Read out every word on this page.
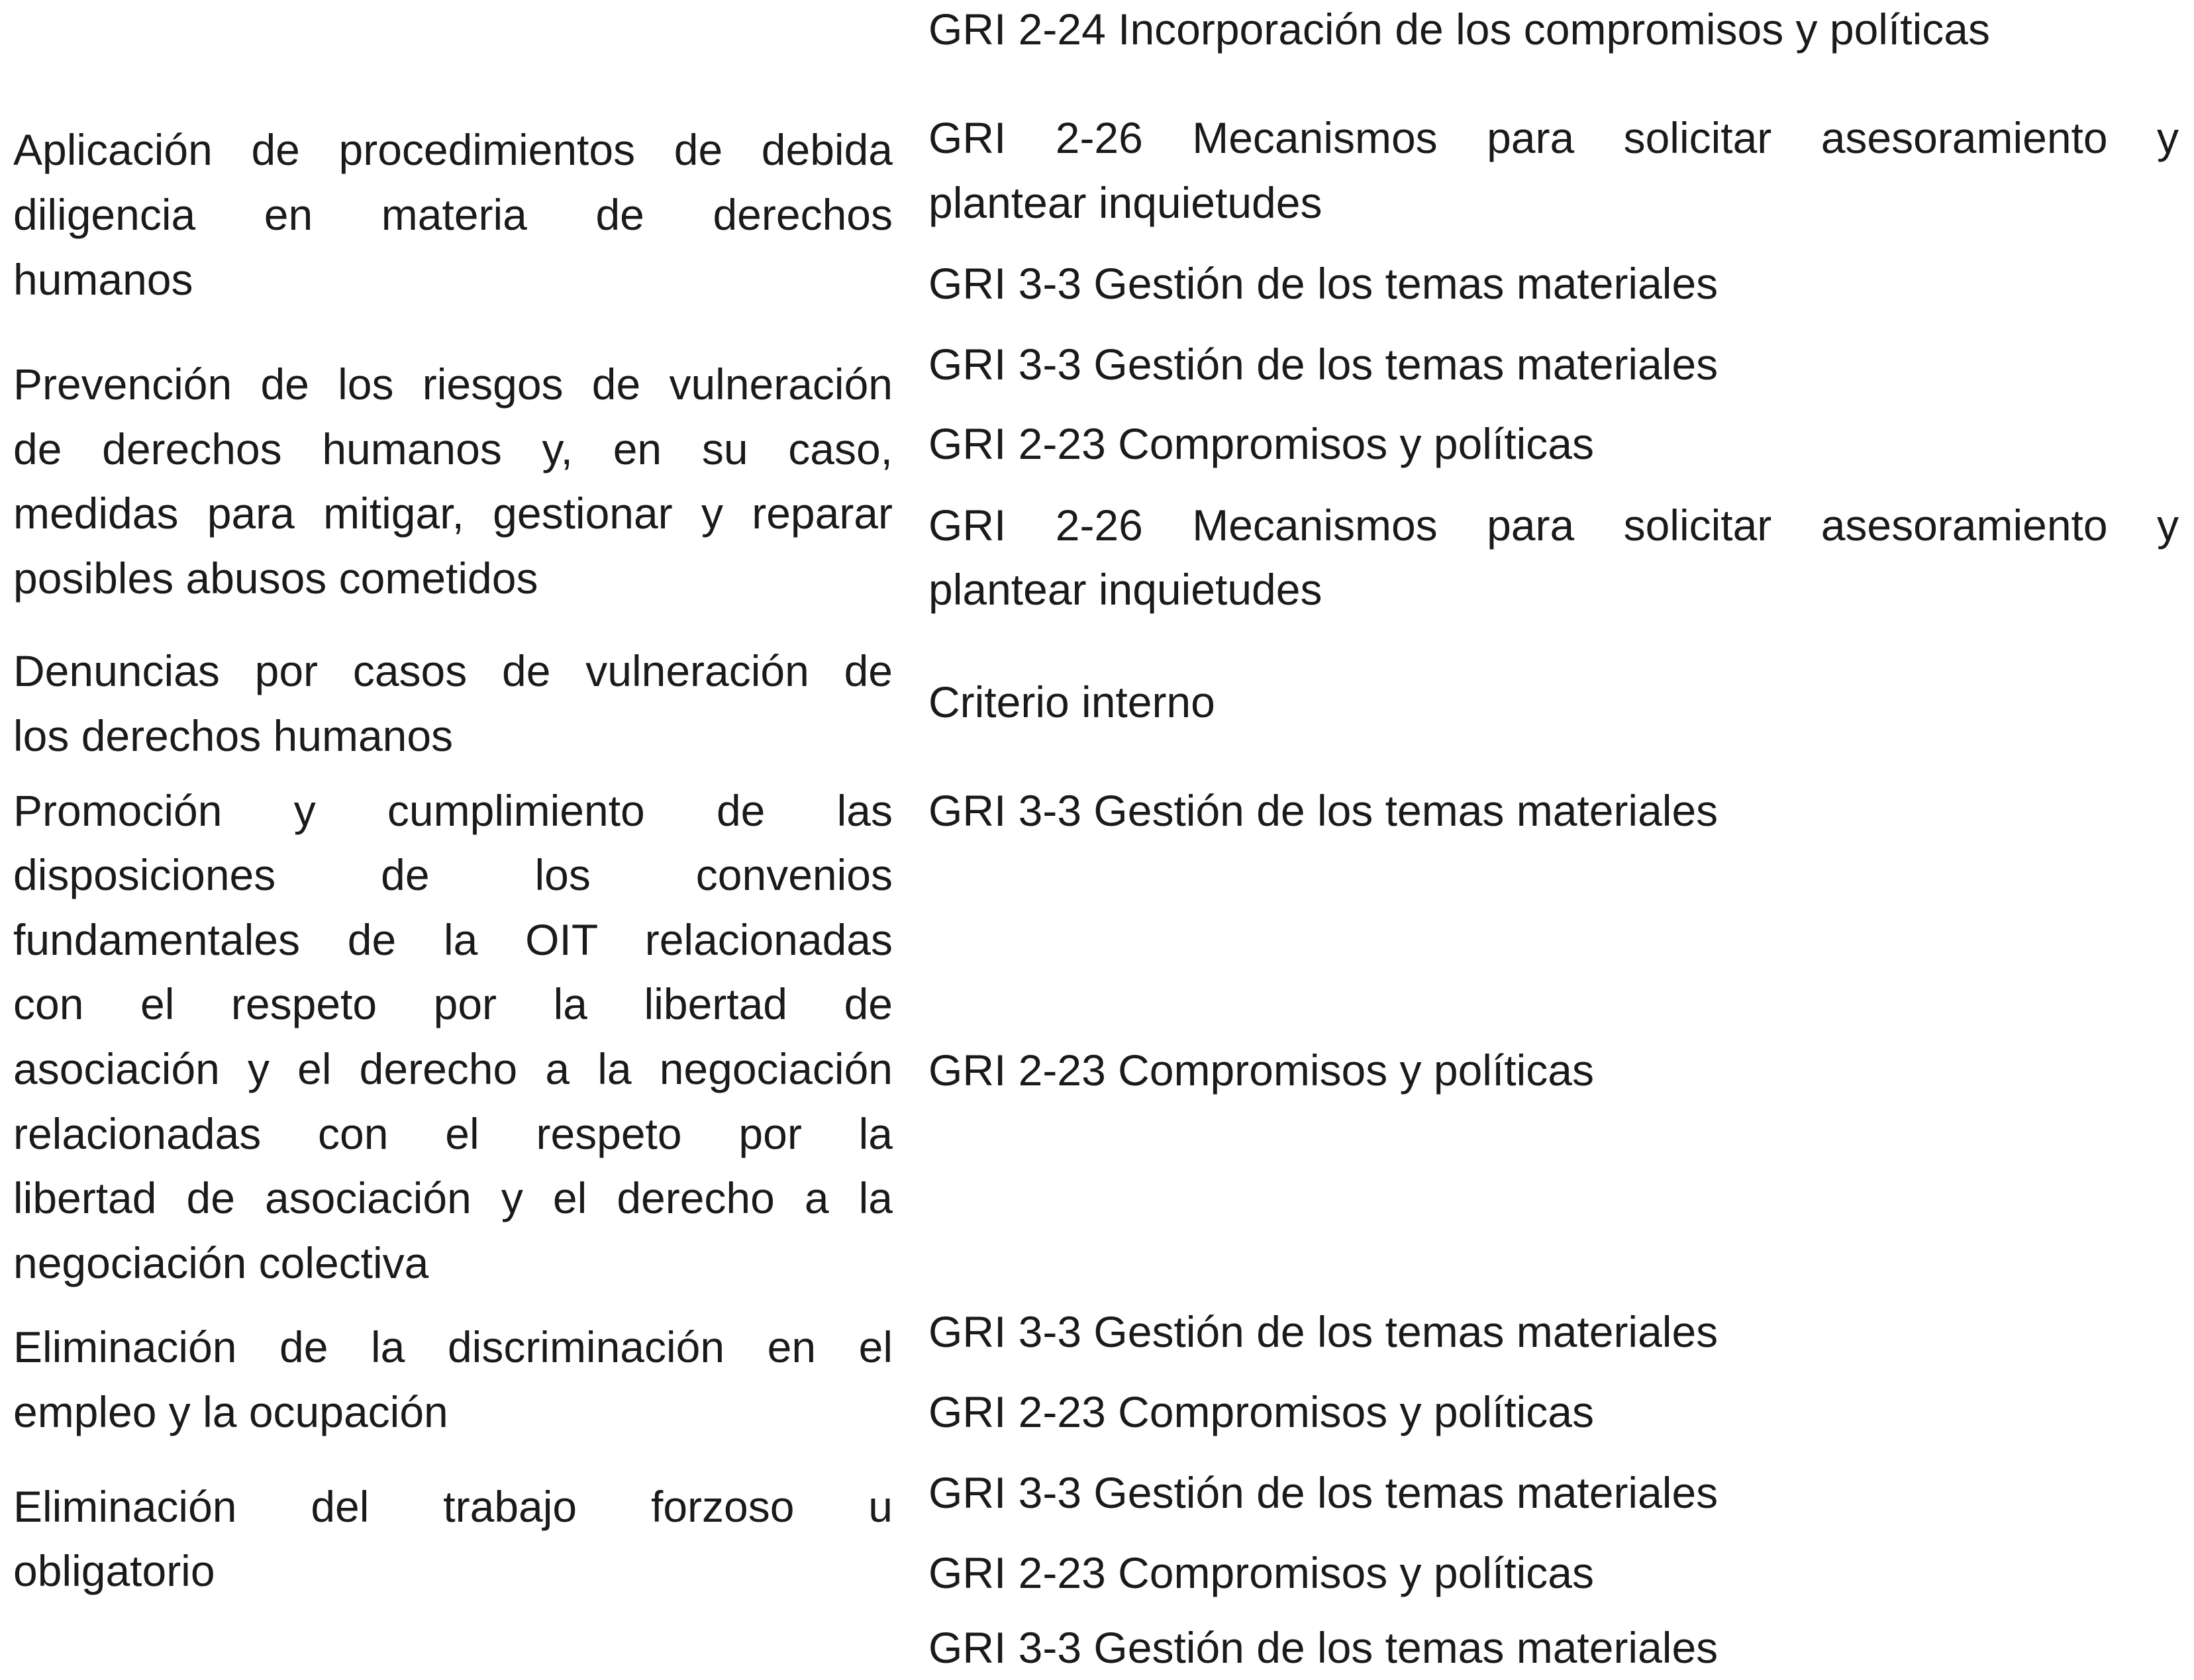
Aplicación de procedimientos de debida
diligencia en materia de derechos
humanos
Prevención de los riesgos de vulneración
de derechos humanos y, en su caso,
medidas para mitigar, gestionar y reparar
posibles abusos cometidos
Denuncias por casos de vulneración de
los derechos humanos
Promoción y cumplimiento de las
disposiciones de los convenios
fundamentales de la OIT relacionadas
con el respeto por la libertad de
asociación y el derecho a la negociación
relacionadas con el respeto por la
libertad de asociación y el derecho a la
negociación colectiva
Eliminación de la discriminación en el
empleo y la ocupación
Eliminación del trabajo forzoso u
obligatorio
GRI 2-24 Incorporación de los compromisos y políticas
GRI 2-26 Mecanismos para solicitar asesoramiento y
plantear inquietudes
GRI 3-3 Gestión de los temas materiales
GRI 3-3 Gestión de los temas materiales
GRI 2-23 Compromisos y políticas
GRI 2-26 Mecanismos para solicitar asesoramiento y
plantear inquietudes
Criterio interno
GRI 3-3 Gestión de los temas materiales
GRI 2-23 Compromisos y políticas
GRI 3-3 Gestión de los temas materiales
GRI 2-23 Compromisos y políticas
GRI 3-3 Gestión de los temas materiales
GRI 2-23 Compromisos y políticas
GRI 3-3 Gestión de los temas materiales
